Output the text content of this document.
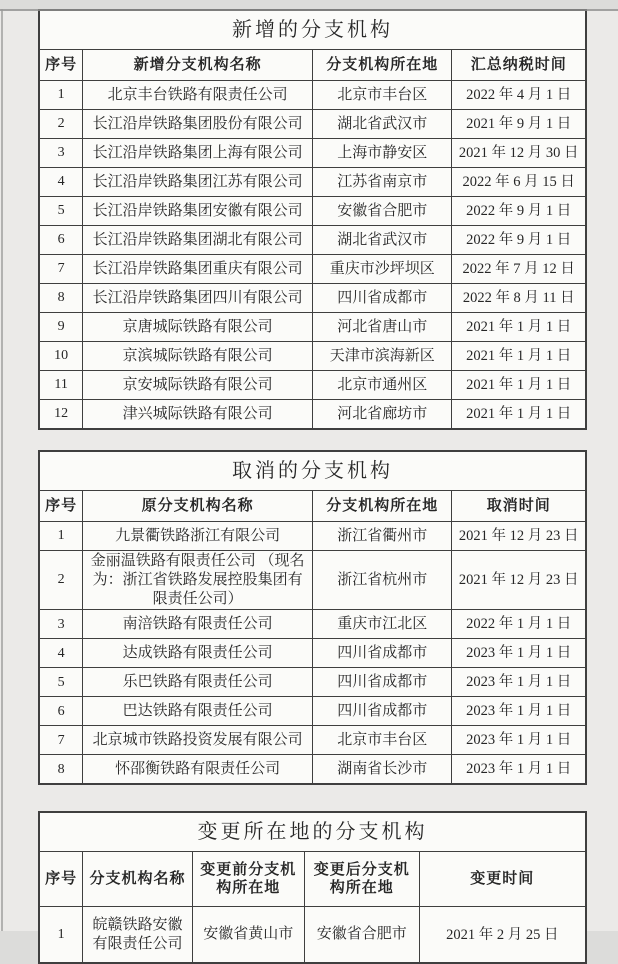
新增的分支机构			
序号	新增分支机构名称	分支机构所在地	汇总纳税时间
1	北京丰台铁路有限责任公司	北京市丰台区	2022 年 4 月 1 日
2	长江沿岸铁路集团股份有限公司	湖北省武汉市	2021 年 9 月 1 日
3	长江沿岸铁路集团上海有限公司	上海市静安区	2021 年 12 月 30 日
4	长江沿岸铁路集团江苏有限公司	江苏省南京市	2022 年 6 月 15 日
5	长江沿岸铁路集团安徽有限公司	安徽省合肥市	2022 年 9 月 1 日
6	长江沿岸铁路集团湖北有限公司	湖北省武汉市	2022 年 9 月 1 日
7	长江沿岸铁路集团重庆有限公司	重庆市沙坪坝区	2022 年 7 月 12 日
8	长江沿岸铁路集团四川有限公司	四川省成都市	2022 年 8 月 11 日
9	京唐城际铁路有限公司	河北省唐山市	2021 年 1 月 1 日
10	京滨城际铁路有限公司	天津市滨海新区	2021 年 1 月 1 日
11	京安城际铁路有限公司	北京市通州区	2021 年 1 月 1 日
12	津兴城际铁路有限公司	河北省廊坊市	2021 年 1 月 1 日
取消的分支机构			
序号	原分支机构名称	分支机构所在地	取消时间
1	九景衢铁路浙江有限公司	浙江省衢州市	2021 年 12 月 23 日
2	金丽温铁路有限责任公司 （现名为：浙江省铁路发展控股集团有限责任公司）	浙江省杭州市	2021 年 12 月 23 日
3	南涪铁路有限责任公司	重庆市江北区	2022 年 1 月 1 日
4	达成铁路有限责任公司	四川省成都市	2023 年 1 月 1 日
5	乐巴铁路有限责任公司	四川省成都市	2023 年 1 月 1 日
6	巴达铁路有限责任公司	四川省成都市	2023 年 1 月 1 日
7	北京城市铁路投资发展有限公司	北京市丰台区	2023 年 1 月 1 日
8	怀邵衡铁路有限责任公司	湖南省长沙市	2023 年 1 月 1 日
变更所在地的分支机构				
序号	分支机构名称	变更前分支机构所在地	变更后分支机构所在地	变更时间
1	皖赣铁路安徽有限责任公司	安徽省黄山市	安徽省合肥市	2021 年 2 月 25 日
